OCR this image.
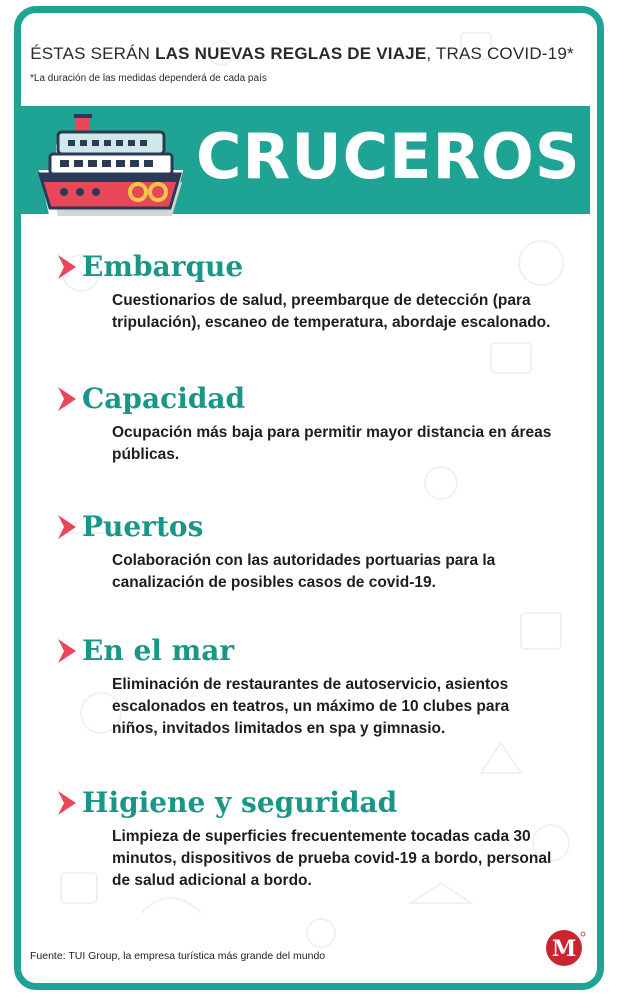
ÉSTAS SERÁN LAS NUEVAS REGLAS DE VIAJE, TRAS COVID-19*
*La duración de las medidas dependerá de cada país
CRUCEROS
Embarque
Cuestionarios de salud, preembarque de detección (para tripulación), escaneo de temperatura, abordaje escalonado.
Capacidad
Ocupación más baja para permitir mayor distancia en áreas públicas.
Puertos
Colaboración con las autoridades portuarias para la canalización de posibles casos de covid-19.
En el mar
Eliminación de restaurantes de autoservicio, asientos escalonados en teatros, un máximo de 10 clubes para niños, invitados limitados en spa y gimnasio.
Higiene y seguridad
Limpieza de superficies frecuentemente tocadas cada 30 minutos, dispositivos de prueba covid-19 a bordo, personal de salud adicional a bordo.
Fuente: TUI Group, la empresa turística más grande del mundo	M
